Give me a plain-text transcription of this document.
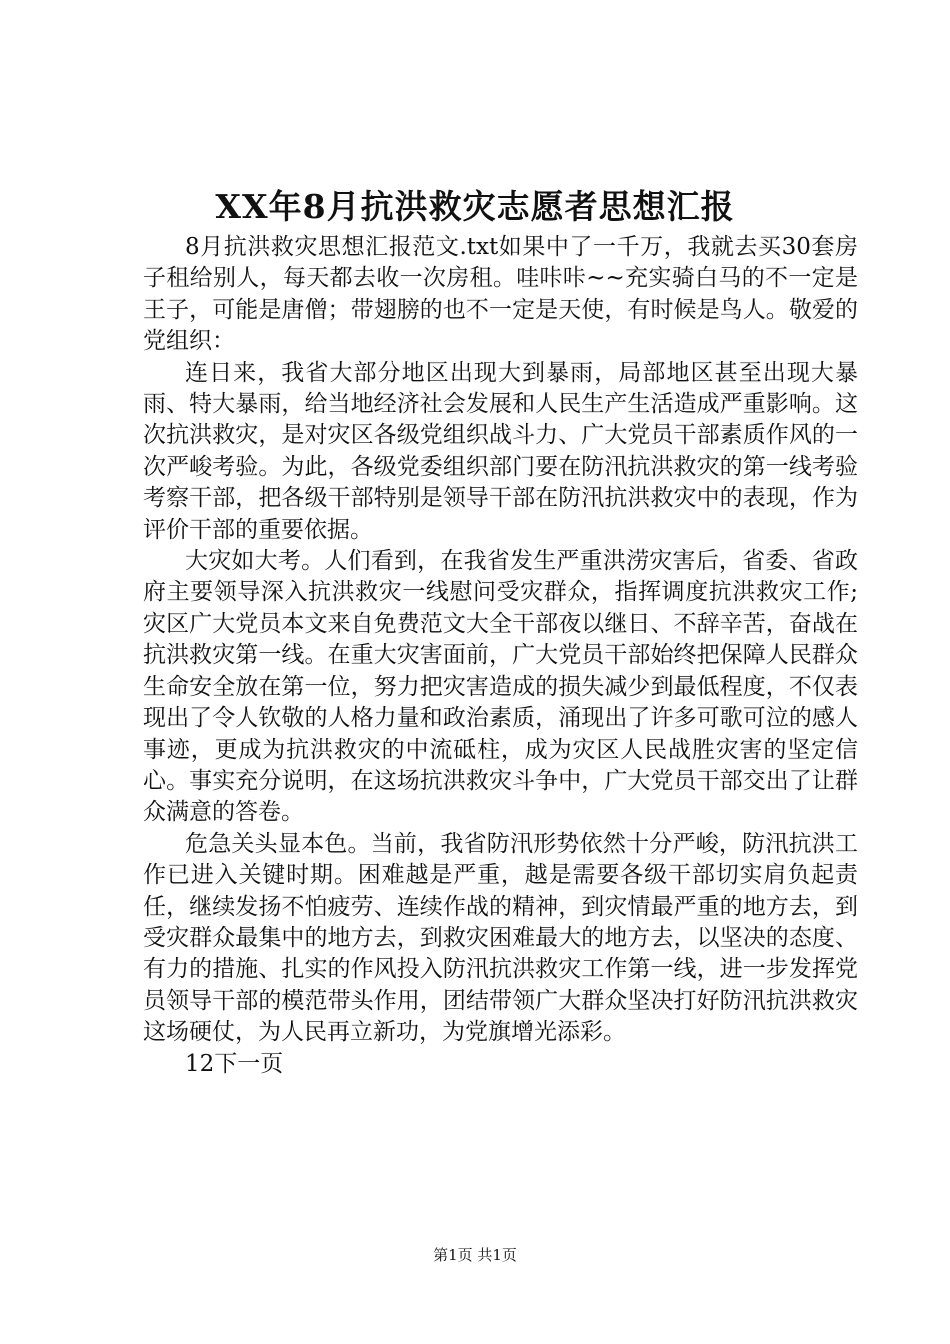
XX年8月抗洪救灾志愿者思想汇报

8月抗洪救灾思想汇报范文.txt如果中了一千万，我就去买30套房子租给别人，每天都去收一次房租。哇咔咔~~充实骑白马的不一定是王子，可能是唐僧；带翅膀的也不一定是天使，有时候是鸟人。敬爱的党组织：

连日来，我省大部分地区出现大到暴雨，局部地区甚至出现大暴雨、特大暴雨，给当地经济社会发展和人民生产生活造成严重影响。这次抗洪救灾，是对灾区各级党组织战斗力、广大党员干部素质作风的一次严峻考验。为此，各级党委组织部门要在防汛抗洪救灾的第一线考验考察干部，把各级干部特别是领导干部在防汛抗洪救灾中的表现，作为评价干部的重要依据。

大灾如大考。人们看到，在我省发生严重洪涝灾害后，省委、省政府主要领导深入抗洪救灾一线慰问受灾群众，指挥调度抗洪救灾工作;灾区广大党员本文来自免费范文大全干部夜以继日、不辞辛苦，奋战在抗洪救灾第一线。在重大灾害面前，广大党员干部始终把保障人民群众生命安全放在第一位，努力把灾害造成的损失减少到最低程度，不仅表现出了令人钦敬的人格力量和政治素质，涌现出了许多可歌可泣的感人事迹，更成为抗洪救灾的中流砥柱，成为灾区人民战胜灾害的坚定信心。事实充分说明，在这场抗洪救灾斗争中，广大党员干部交出了让群众满意的答卷。

危急关头显本色。当前，我省防汛形势依然十分严峻，防汛抗洪工作已进入关键时期。困难越是严重，越是需要各级干部切实肩负起责任，继续发扬不怕疲劳、连续作战的精神，到灾情最严重的地方去，到受灾群众最集中的地方去，到救灾困难最大的地方去，以坚决的态度、有力的措施、扎实的作风投入防汛抗洪救灾工作第一线，进一步发挥党员领导干部的模范带头作用，团结带领广大群众坚决打好防汛抗洪救灾这场硬仗，为人民再立新功，为党旗增光添彩。

12下一页

第1页 共1页
